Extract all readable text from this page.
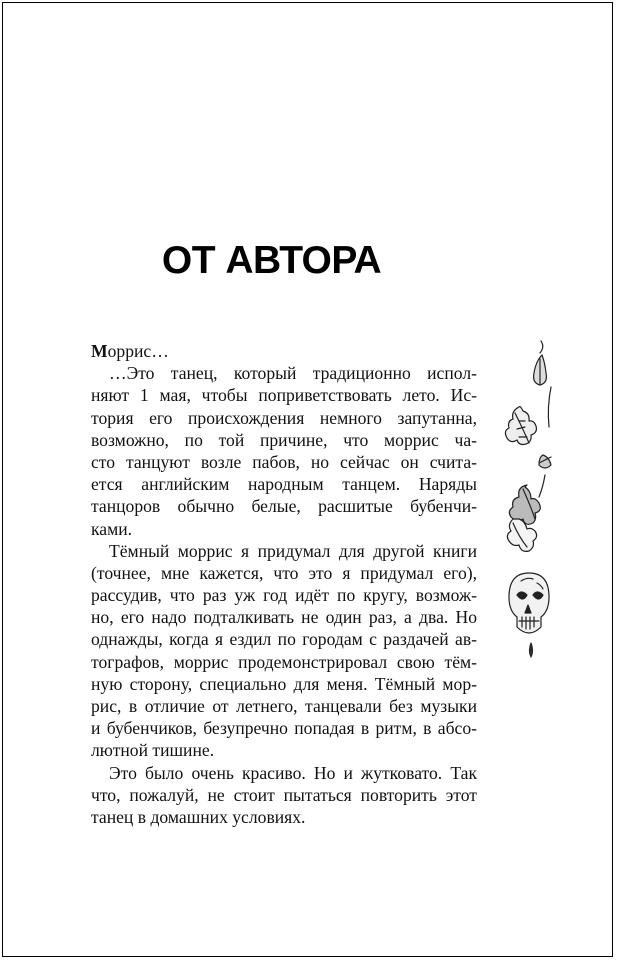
ОТ АВТОРА
Моррис…
…Это танец, который традиционно испол-
няют 1 мая, чтобы поприветствовать лето. Ис-
тория его происхождения немного запутанна,
возможно, по той причине, что моррис ча-
сто танцуют возле пабов, но сейчас он счита-
ется английским народным танцем. Наряды
танцоров обычно белые, расшитые бубенчи-
ками.
Тёмный моррис я придумал для другой книги
(точнее, мне кажется, что это я придумал его),
рассудив, что раз уж год идёт по кругу, возмож-
но, его надо подталкивать не один раз, а два. Но
однажды, когда я ездил по городам с раздачей ав-
тографов, моррис продемонстрировал свою тём-
ную сторону, специально для меня. Тёмный мор-
рис, в отличие от летнего, танцевали без музыки
и бубенчиков, безупречно попадая в ритм, в абсо-
лютной тишине.
Это было очень красиво. Но и жутковато. Так
что, пожалуй, не стоит пытаться повторить этот
танец в домашних условиях.
